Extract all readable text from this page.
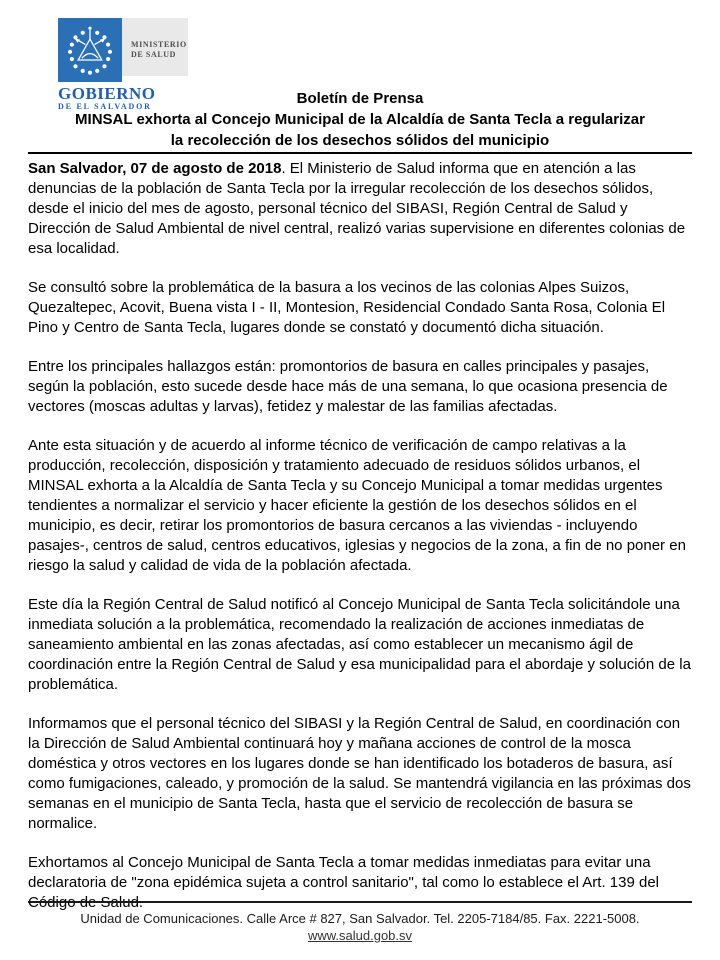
MINISTERIO
DE SALUD
GOBIERNO
DE EL SALVADOR	Boletín de Prensa
MINSAL exhorta al Concejo Municipal de la Alcaldía de Santa Tecla a regularizar
la recolección de los desechos sólidos del municipio

San Salvador, 07 de agosto de 2018. El Ministerio de Salud informa que en atención a las denuncias de la población de Santa Tecla por la irregular recolección de los desechos sólidos, desde el inicio del mes de agosto, personal técnico del SIBASI, Región Central de Salud y Dirección de Salud Ambiental de nivel central, realizó varias supervisione en diferentes colonias de esa localidad.

Se consultó sobre la problemática de la basura a los vecinos de las colonias Alpes Suizos, Quezaltepec, Acovit, Buena vista I - II, Montesion, Residencial Condado Santa Rosa, Colonia El Pino y Centro de Santa Tecla, lugares donde se constató y documentó dicha situación.

Entre los principales hallazgos están: promontorios de basura en calles principales y pasajes, según la población, esto sucede desde hace más de una semana, lo que ocasiona presencia de vectores (moscas adultas y larvas), fetidez y malestar de las familias afectadas.

Ante esta situación y de acuerdo al informe técnico de verificación de campo relativas a la producción, recolección, disposición y tratamiento adecuado de residuos sólidos urbanos, el MINSAL exhorta a la Alcaldía de Santa Tecla y su Concejo Municipal a tomar medidas urgentes tendientes a normalizar el servicio y hacer eficiente la gestión de los desechos sólidos en el municipio, es decir, retirar los promontorios de basura cercanos a las viviendas - incluyendo pasajes-, centros de salud, centros educativos, iglesias y negocios de la zona, a fin de no poner en riesgo la salud y calidad de vida de la población afectada.

Este día la Región Central de Salud notificó al Concejo Municipal de Santa Tecla solicitándole una inmediata solución a la problemática, recomendado la realización de acciones inmediatas de saneamiento ambiental en las zonas afectadas, así como establecer un mecanismo ágil de coordinación entre la Región Central de Salud y esa municipalidad para el abordaje y solución de la problemática.

Informamos que el personal técnico del SIBASI y la Región Central de Salud, en coordinación con la Dirección de Salud Ambiental continuará hoy y mañana acciones de control de la mosca doméstica y otros vectores en los lugares donde se han identificado los botaderos de basura, así como fumigaciones, caleado, y promoción de la salud. Se mantendrá vigilancia en las próximas dos semanas en el municipio de Santa Tecla, hasta que el servicio de recolección de basura se normalice.

Exhortamos al Concejo Municipal de Santa Tecla a tomar medidas inmediatas para evitar una declaratoria de "zona epidémica sujeta a control sanitario", tal como lo establece el Art. 139 del Código de Salud.

Unidad de Comunicaciones. Calle Arce # 827, San Salvador. Tel. 2205-7184/85. Fax. 2221-5008.
www.salud.gob.sv
